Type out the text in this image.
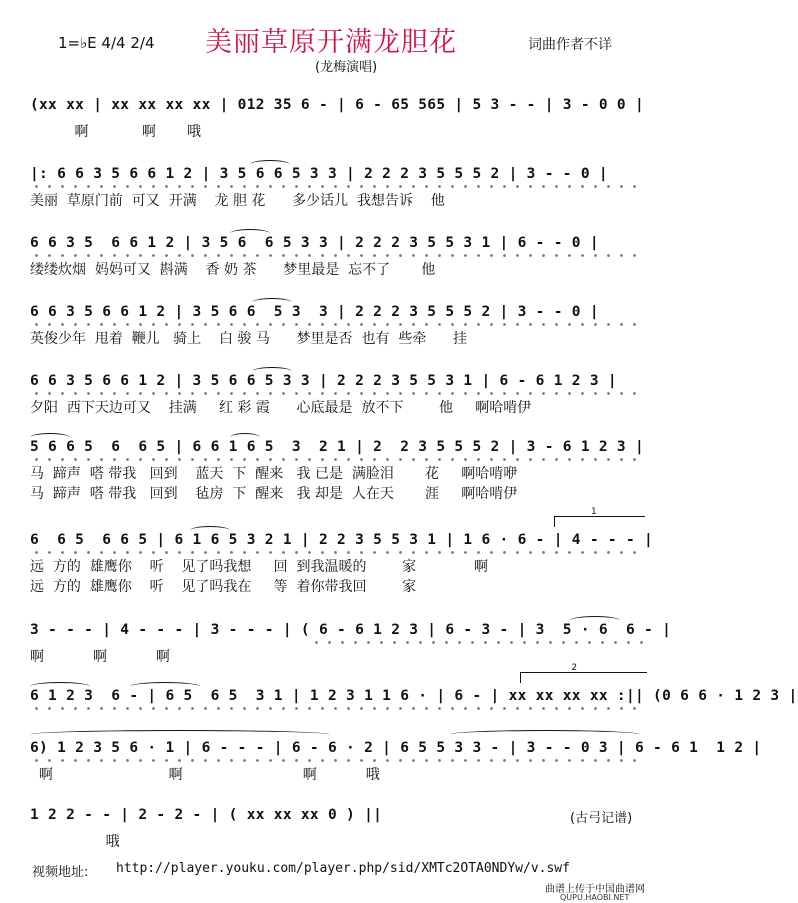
1=♭E 4/4 2/4 美丽草原开满龙胆花	词曲作者不详
(龙梅演唱)
(xx xx | xx xx xx xx | 012 35 6 - | 6 - 65 565 | 5 3 - - | 3 - 0 0 |
啊            啊       哦
|: 6 6 3 5 6 6 1 2 | 3 5 6 6 5 3 3 | 2 2 2 3 5 5 5 2 | 3 - - 0 |
美丽  草原门前  可又  开满    龙 胆 花      多少话儿  我想告诉    他
6 6 3 5  6 6 1 2 | 3 5 6  6 5 3 3 | 2 2 2 3 5 5 3 1 | 6 - - 0 |
缕缕炊烟  妈妈可又  斟满    香 奶 茶      梦里最是  忘不了       他
6 6 3 5 6 6 1 2 | 3 5 6 6  5 3  3 | 2 2 2 3 5 5 5 2 | 3 - - 0 |
英俊少年  甩着  鞭儿   骑上    白 骏 马      梦里是否  也有  些牵      挂
6 6 3 5 6 6 1 2 | 3 5 6 6 5 3 3 | 2 2 2 3 5 5 3 1 | 6 - 6 1 2 3 |
夕阳  西下天边可又    挂满     红 彩 霞      心底最是  放不下        他     啊哈啃伊
5 6 6 5  6  6 5 | 6 6 1 6 5  3  2 1 | 2  2 3 5 5 5 2 | 3 - 6 1 2 3 |
马  蹄声  嗒 带我   回到    蓝天  下  醒来   我 已是  满脸泪       花     啊哈啃咿
马  蹄声  嗒 带我   回到    毡房  下  醒来   我 却是  人在天       涯     啊哈啃伊
1
6  6 5  6 6 5 | 6 1 6 5 3 2 1 | 2 2 3 5 5 3 1 | 1 6 · 6 - | 4 - - - |
远  方的  雄鹰你    听    见了吗我想     回  到我温暖的        家             啊
远  方的  雄鹰你    听    见了吗我在     等  着你带我回        家
3 - - - | 4 - - - | 3 - - - | ( 6 - 6 1 2 3 | 6 - 3 - | 3  5 · 6  6 - |
啊           啊           啊
2
6 1 2 3  6 - | 6 5  6 5  3 1 | 1 2 3 1 1 6 · | 6 - | xx xx xx xx :|| (0 6 6 · 1 2 3 |
6) 1 2 3 5 6 · 1 | 6 - - - | 6 - 6 · 2 | 6 5 5 3 3 - | 3 - - 0 3 | 6 - 6 1  1 2 |
啊                          啊                           啊           哦
1 2 2 - - | 2 - 2 - | ( xx xx xx 0 ) ||
哦
(古弓记谱)
视频地址: http://player.youku.com/player.php/sid/XMTc2OTA0NDYw/v.swf
曲谱上传于中国曲谱网
QUPU.HAOBI.NET
